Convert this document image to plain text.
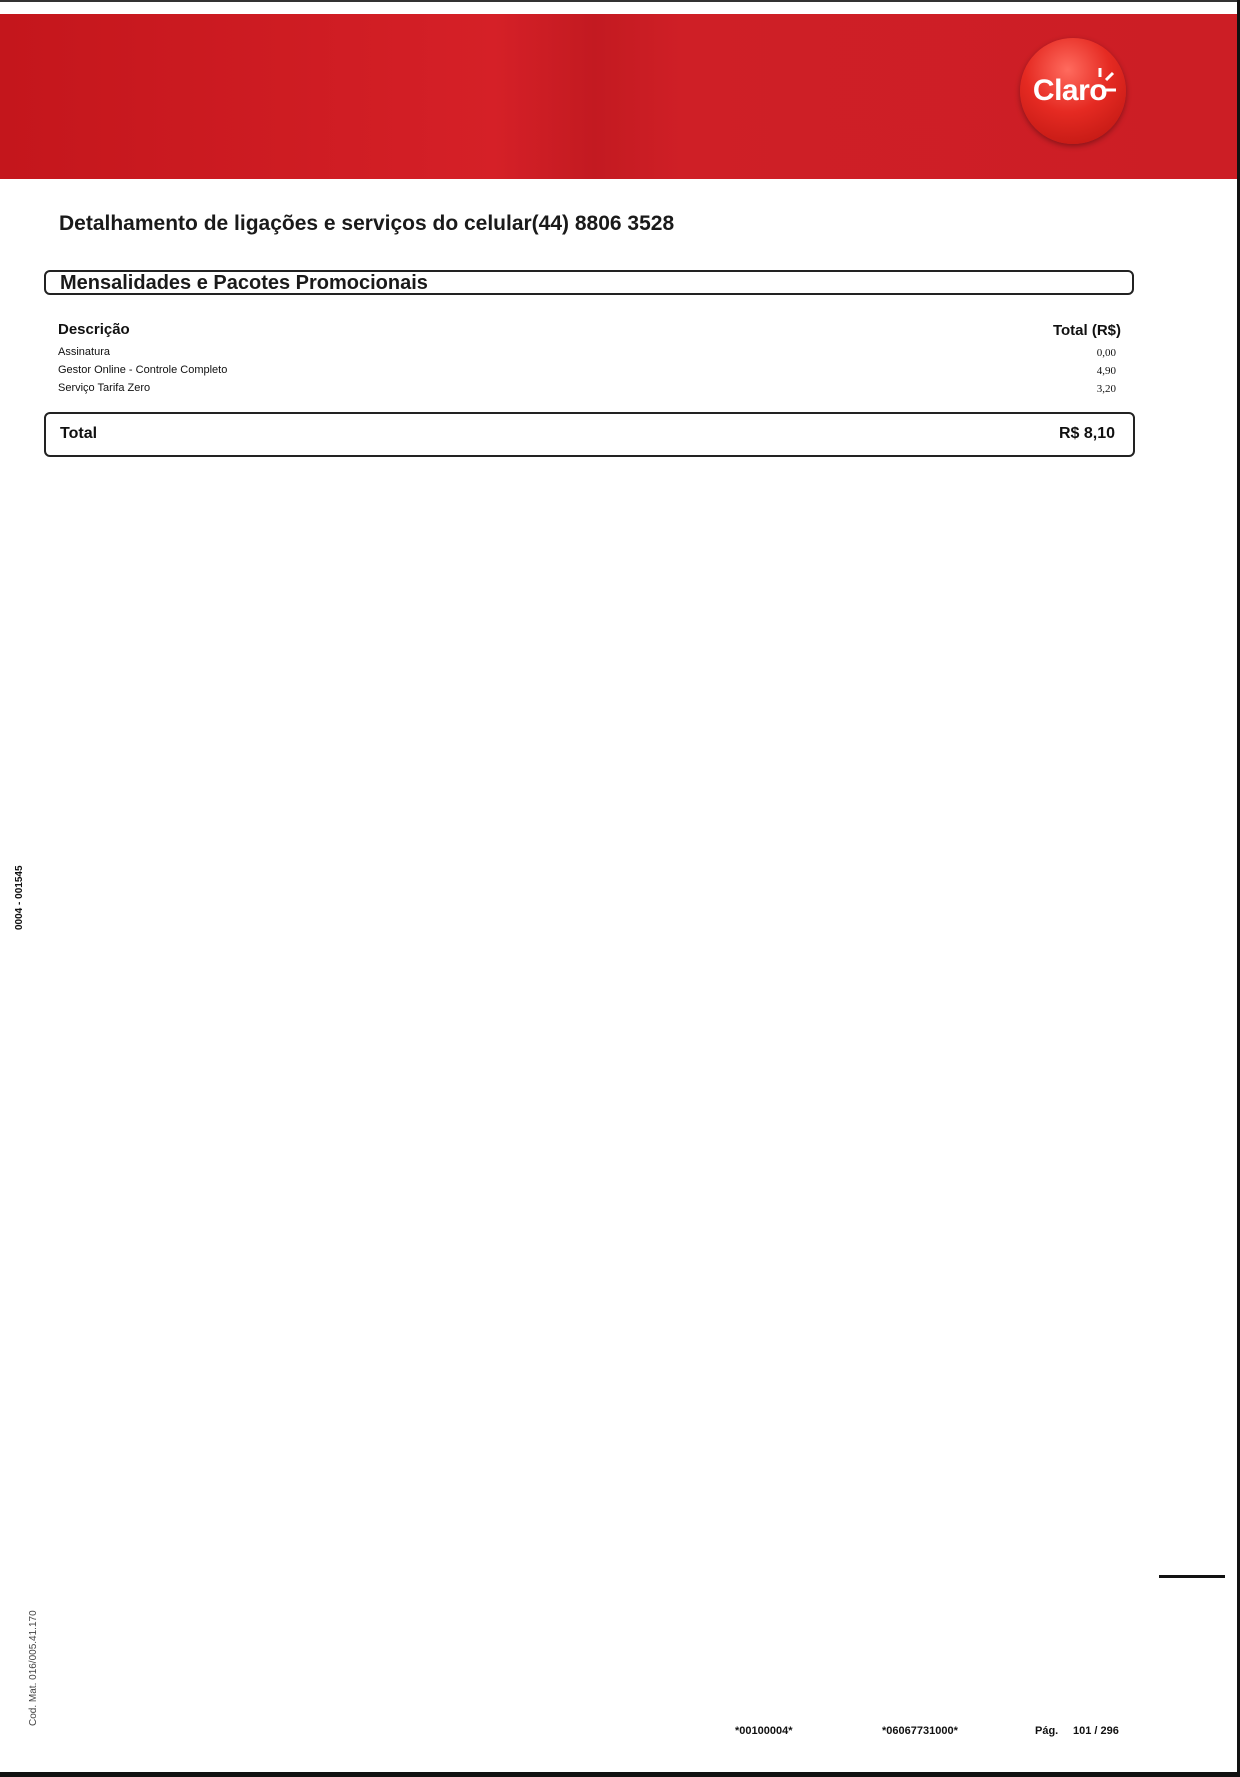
Claro
Detalhamento de ligações e serviços do celular(44) 8806 3528
Mensalidades e Pacotes Promocionais
Descrição	Total (R$)
Assinatura	0,00
Gestor Online - Controle Completo	4,90
Serviço Tarifa Zero	3,20
Total	R$ 8,10
0004 - 001545
Cod. Mat. 016/005.41.170
*00100004*	*06067731000*	Pág. 101 / 296
